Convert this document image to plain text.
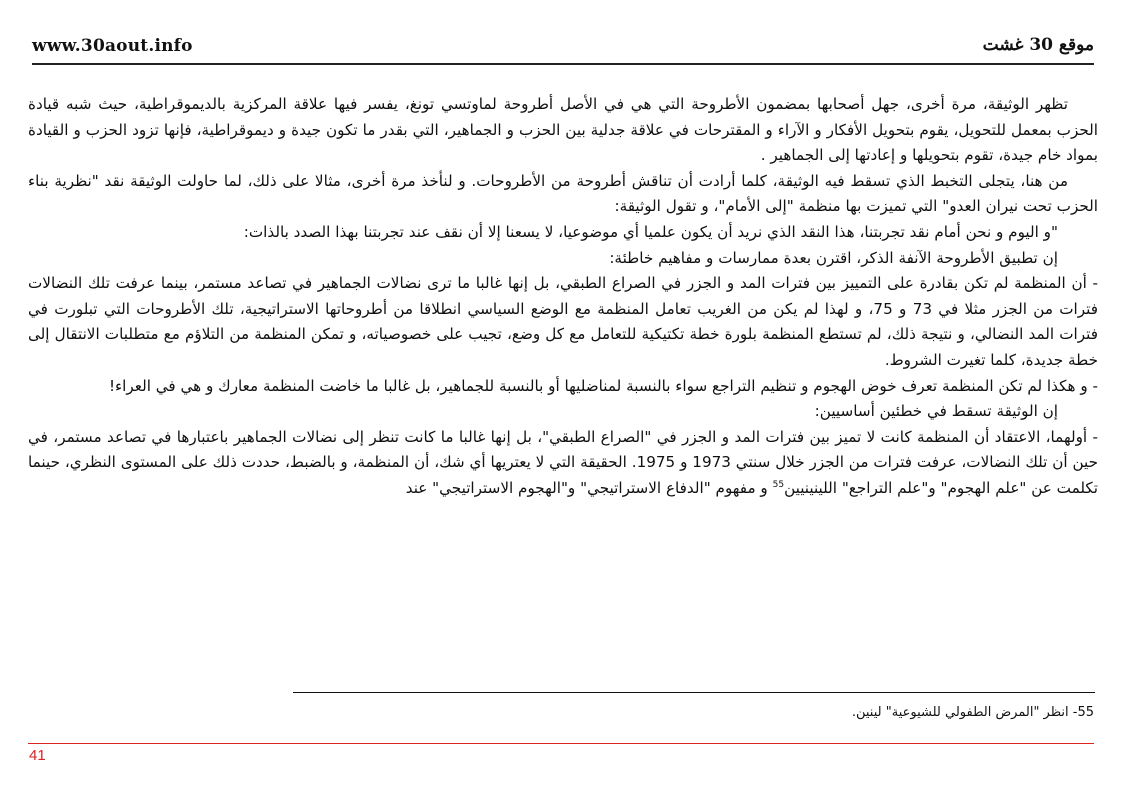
www.30aout.info	موقع 30 غشت

تظهر الوثيقة، مرة أخرى، جهل أصحابها بمضمون الأطروحة التي هي في الأصل أطروحة لماوتسي تونغ، يفسر فيها علاقة المركزية بالديموقراطية، حيث شبه قيادة الحزب بمعمل للتحويل، يقوم بتحويل الأفكار و الآراء و المقترحات في علاقة جدلية بين الحزب و الجماهير، التي بقدر ما تكون جيدة و ديموقراطية، فإنها تزود الحزب و القيادة بمواد خام جيدة، تقوم بتحويلها و إعادتها إلى الجماهير .

من هنا، يتجلى التخبط الذي تسقط فيه الوثيقة، كلما أرادت أن تناقش أطروحة من الأطروحات. و لنأخذ مرة أخرى، مثالا على ذلك، لما حاولت الوثيقة نقد "نظرية بناء الحزب تحت نيران العدو" التي تميزت بها منظمة "إلى الأمام"، و تقول الوثيقة:

"و اليوم و نحن أمام نقد تجربتنا، هذا النقد الذي نريد أن يكون علميا أي موضوعيا، لا يسعنا إلا أن نقف عند تجربتنا بهذا الصدد بالذات:

إن تطبيق الأطروحة الآنفة الذكر، اقترن بعدة ممارسات و مفاهيم خاطئة:

- أن المنظمة لم تكن بقادرة على التمييز بين فترات المد و الجزر في الصراع الطبقي، بل إنها غالبا ما ترى نضالات الجماهير في تصاعد مستمر، بينما عرفت تلك النضالات فترات من الجزر مثلا في 73 و 75، و لهذا لم يكن من الغريب تعامل المنظمة مع الوضع السياسي انطلاقا من أطروحاتها الاستراتيجية، تلك الأطروحات التي تبلورت في فترات المد النضالي، و نتيجة ذلك، لم تستطع المنظمة بلورة خطة تكتيكية للتعامل مع كل وضع، تجيب على خصوصياته، و تمكن المنظمة من التلاؤم مع متطلبات الانتقال إلى خطة جديدة، كلما تغيرت الشروط.

- و هكذا لم تكن المنظمة تعرف خوض الهجوم و تنظيم التراجع سواء بالنسبة لمناضليها أو بالنسبة للجماهير، بل غالبا ما خاضت المنظمة معارك و هي في العراء!

إن الوثيقة تسقط في خطئين أساسيين:

- أولهما، الاعتقاد أن المنظمة كانت لا تميز بين فترات المد و الجزر في "الصراع الطبقي"، بل إنها غالبا ما كانت تنظر إلى نضالات الجماهير باعتبارها في تصاعد مستمر، في حين أن تلك النضالات، عرفت فترات من الجزر خلال سنتي 1973 و 1975. الحقيقة التي لا يعتريها أي شك، أن المنظمة، و بالضبط، حددت ذلك على المستوى النظري، حينما تكلمت عن "علم الهجوم" و"علم التراجع" اللينينيين$^{55}$ و مفهوم "الدفاع الاستراتيجي" و"الهجوم الاستراتيجي" عند

55- انظر "المرض الطفولي للشيوعية" لينين.
41
